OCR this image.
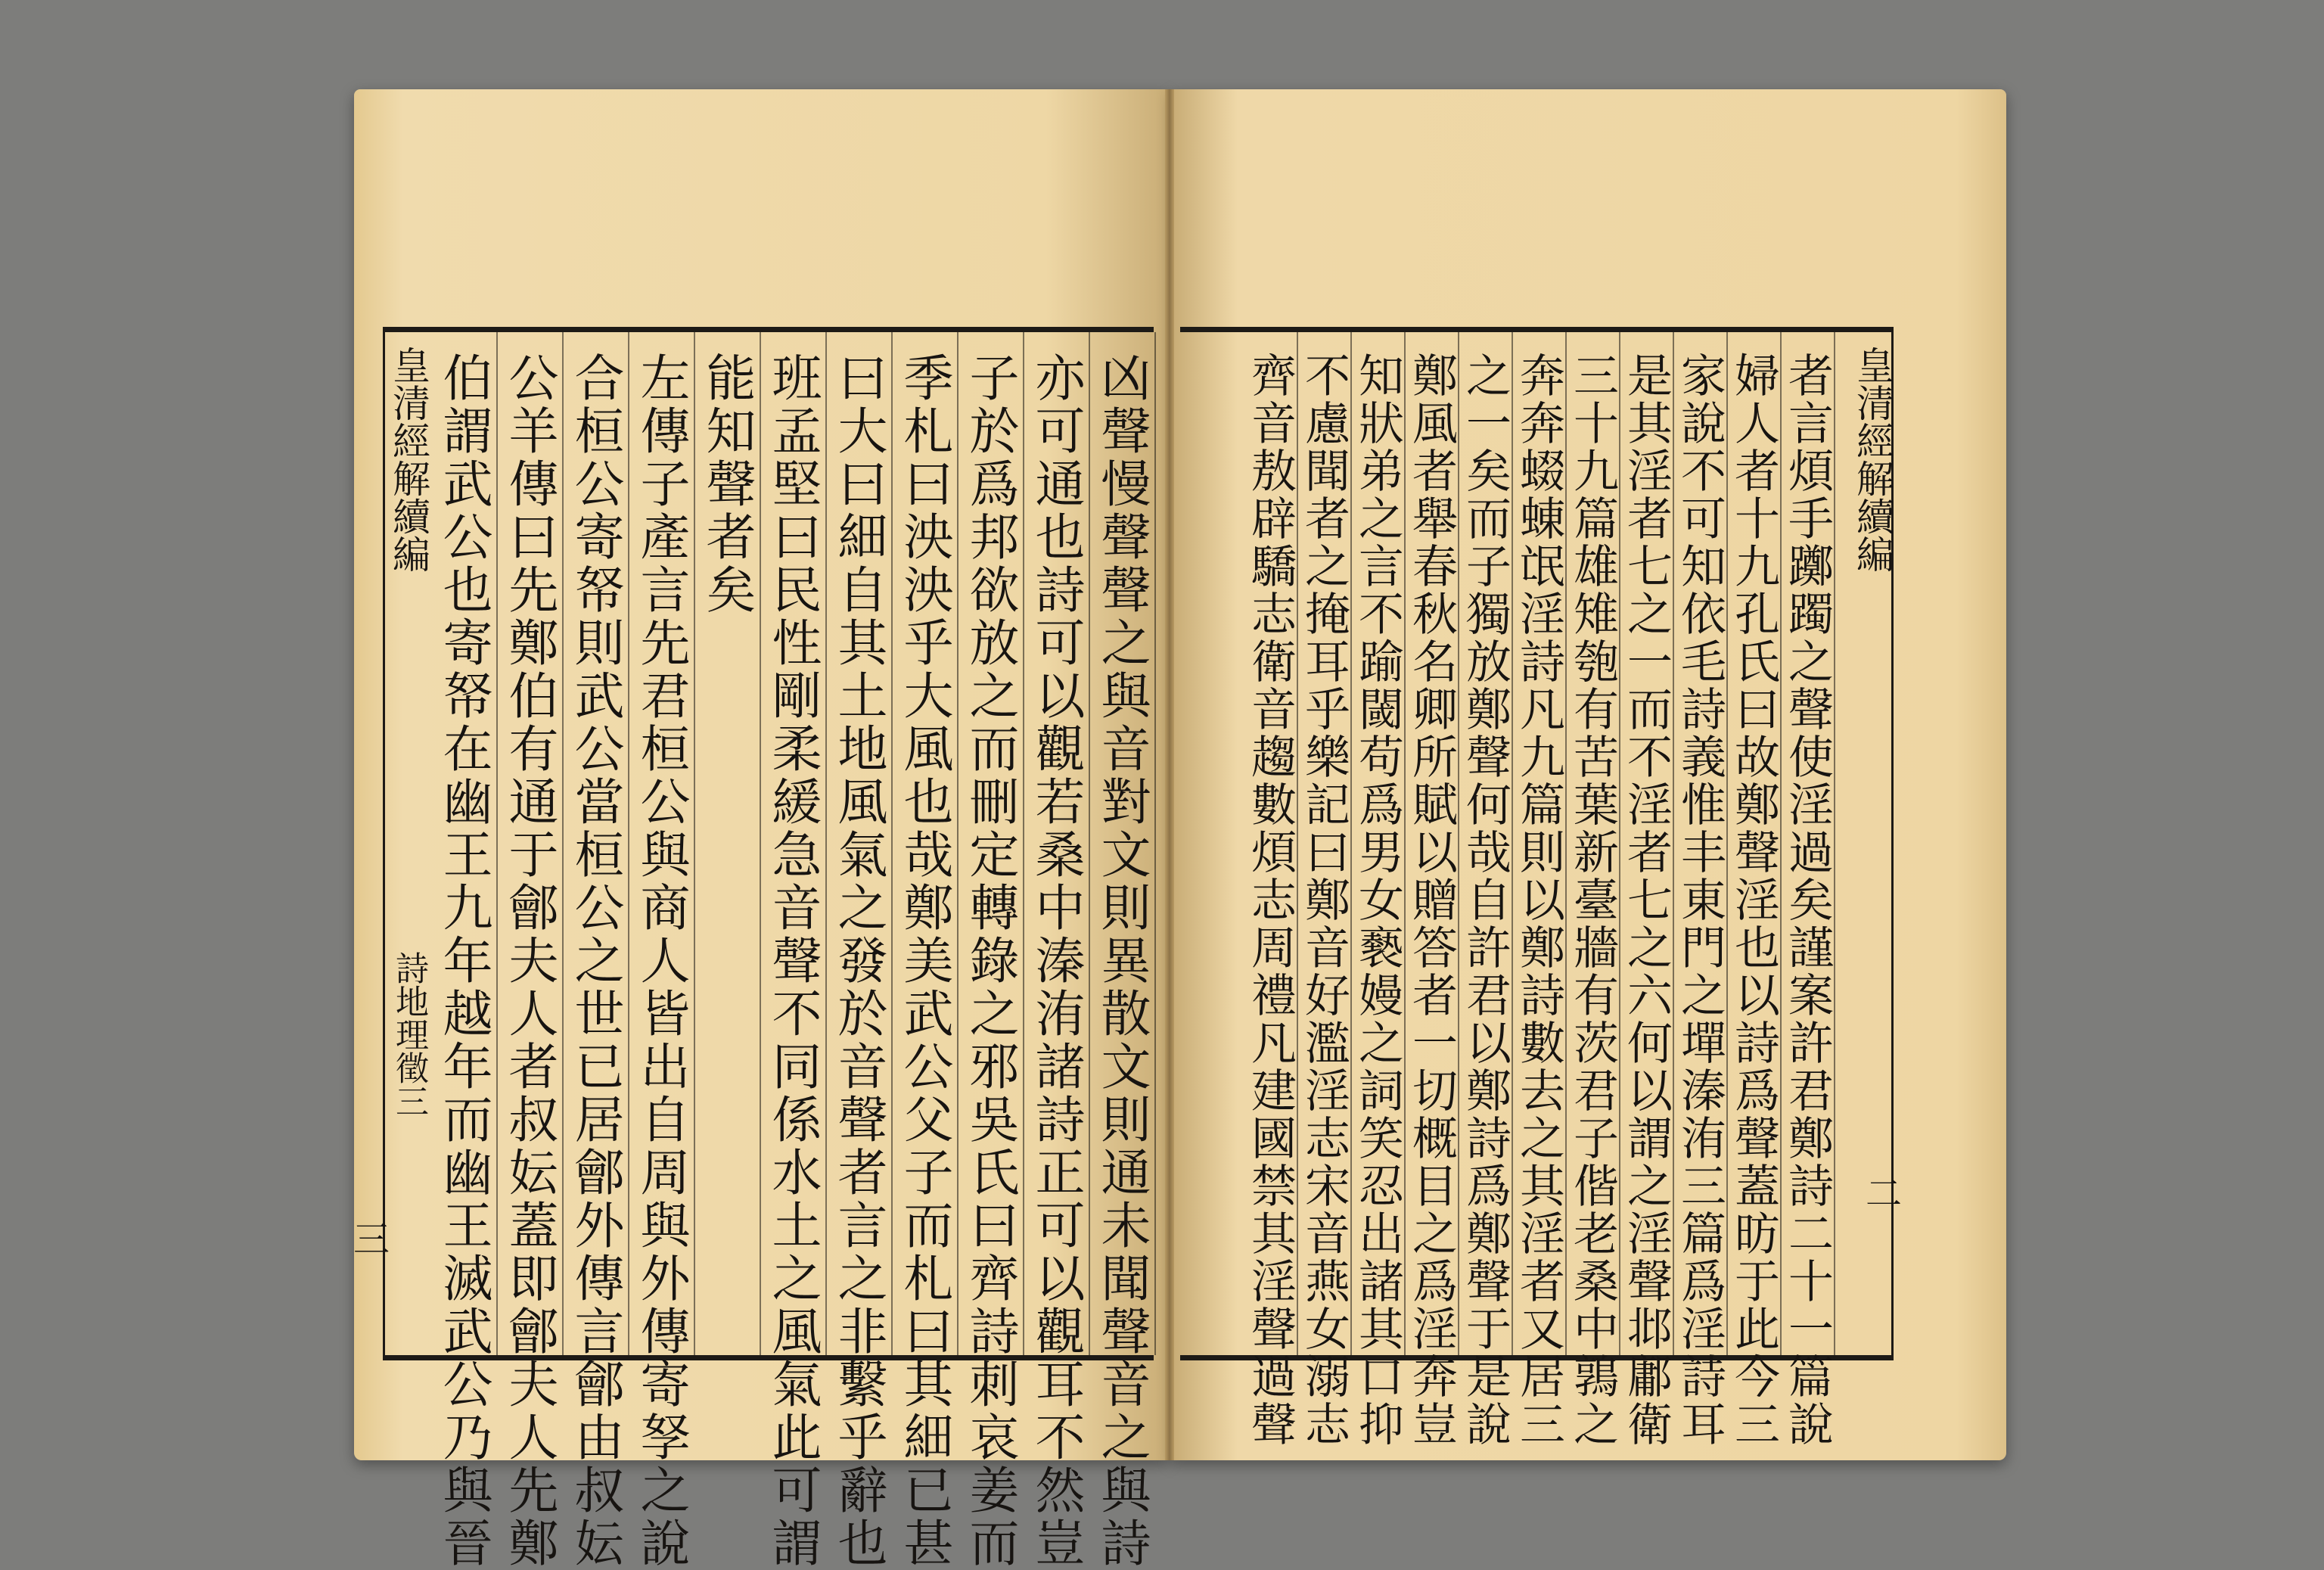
凶聲慢聲聲之與音對文則異散文則通未聞聲音之與詩
亦可通也詩可以觀若桑中溱洧諸詩正可以觀耳不然豈
子於爲邦欲放之而刪定轉錄之邪吳氏曰齊詩刺哀姜而
季札曰泱泱乎大風也哉鄭美武公父子而札曰其細已甚
曰大曰細自其土地風氣之發於音聲者言之非繫乎辭也
班孟堅曰民性剛柔緩急音聲不同係水土之風氣此可謂
能知聲者矣
左傳子產言先君桓公與商人皆出自周與外傳寄孥之說
合桓公寄帑則武公當桓公之世已居鄶外傳言鄶由叔妘
公羊傳曰先鄭伯有通于鄶夫人者叔妘蓋即鄶夫人先鄭
伯謂武公也寄帑在幽王九年越年而幽王滅武公乃與晉
皇清經解續編
詩地理徵三
三
皇清經解續編
者言煩手躑躅之聲使淫過矣謹案許君鄭詩二十一篇說
婦人者十九孔氏曰故鄭聲淫也以詩爲聲蓋昉于此今三
家說不可知依毛詩義惟丰東門之墠溱洧三篇爲淫詩耳
是其淫者七之一而不淫者七之六何以謂之淫聲邶鄘衛
三十九篇雄雉匏有苦葉新臺牆有茨君子偕老桑中鶉之
奔奔蝃蝀氓淫詩凡九篇則以鄭詩數去之其淫者又居三
之一矣而子獨放鄭聲何哉自許君以鄭詩爲鄭聲于是說
鄭風者舉春秋名卿所賦以贈答者一切概目之爲淫奔豈
知狀弟之言不踰閾苟爲男女褻嫚之詞笑忍出諸其口抑
不慮聞者之掩耳乎樂記曰鄭音好濫淫志宋音燕女溺志
齊音敖辟驕志衛音趨數煩志周禮凡建國禁其淫聲過聲	二
